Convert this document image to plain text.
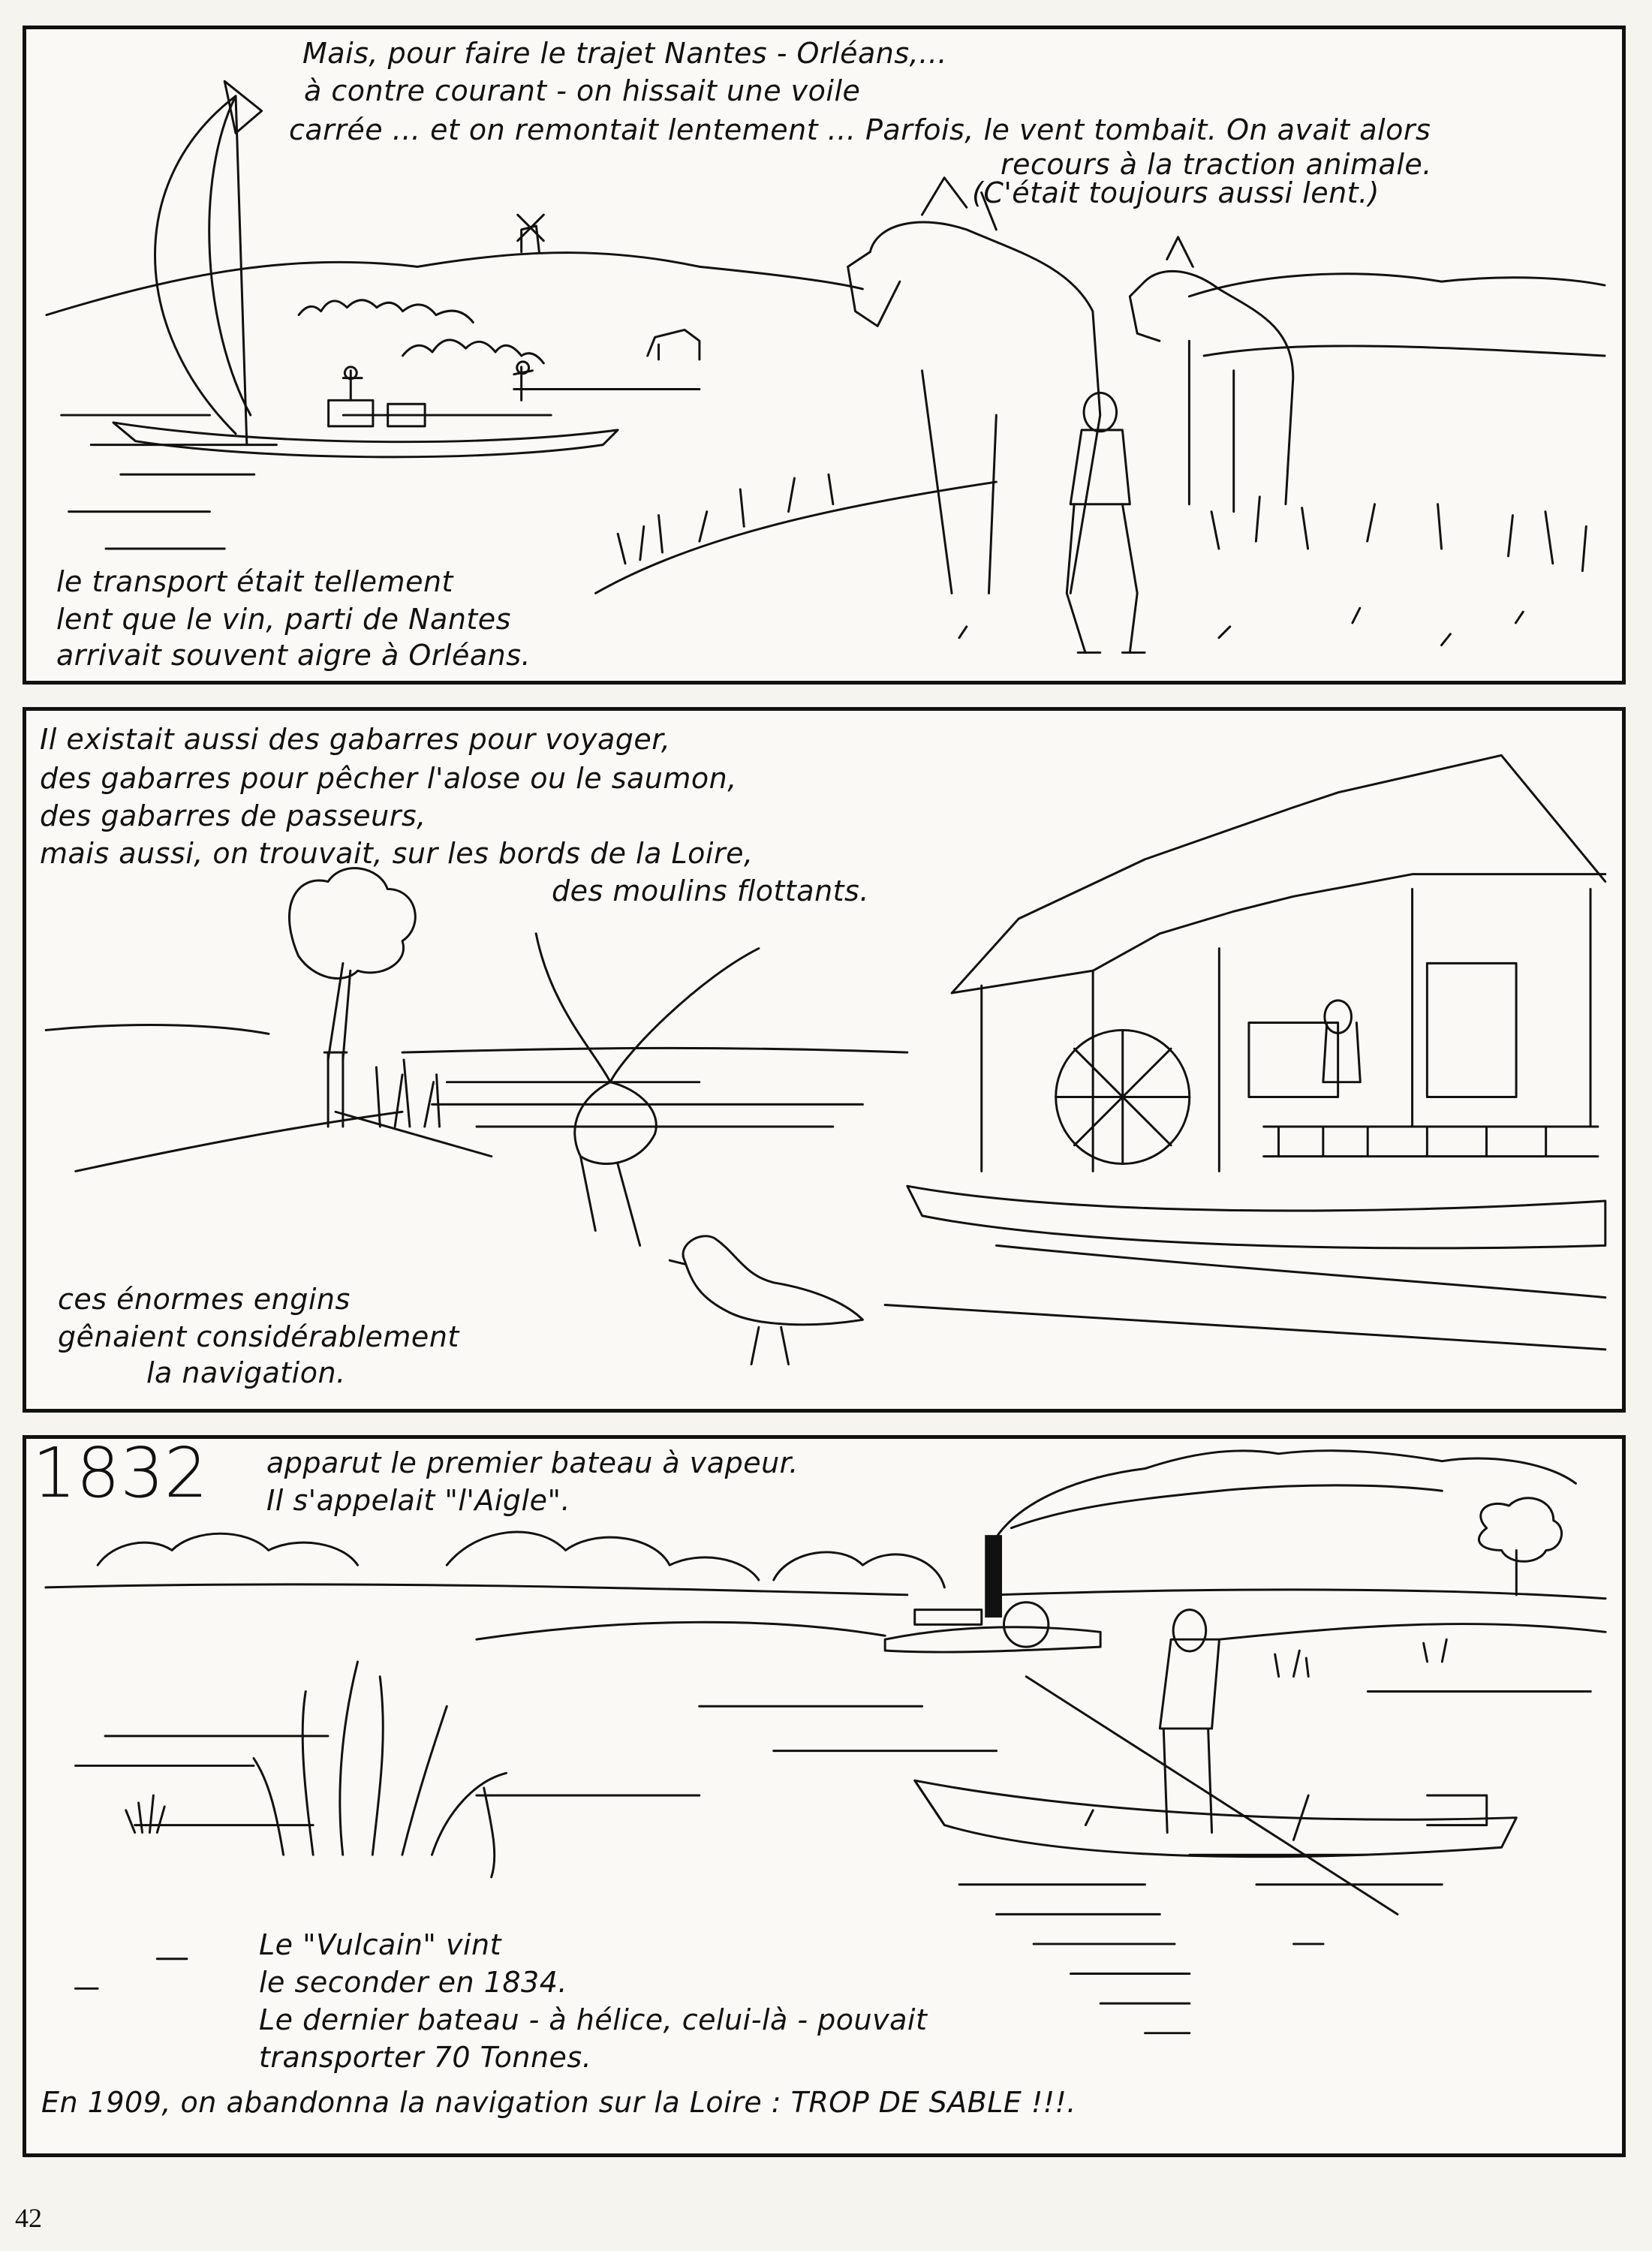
Mais, pour faire le trajet Nantes - Orléans,...
à contre courant - on hissait une voile
carrée ... et on remontait lentement ... Parfois, le vent tombait. On avait alors
recours à la traction animale.
(C'était toujours aussi lent.)
le transport était tellement
lent que le vin, parti de Nantes
arrivait souvent aigre à Orléans.
Il existait aussi des gabarres pour voyager,
des gabarres pour pêcher l'alose ou le saumon,
des gabarres de passeurs,
mais aussi, on trouvait, sur les bords de la Loire,
des moulins flottants.
ces énormes engins
gênaient considérablement
la navigation.
1832 apparut le premier bateau à vapeur.
Il s'appelait "l'Aigle".
Le "Vulcain" vint
le seconder en 1834.
Le dernier bateau - à hélice, celui-là - pouvait
transporter 70 Tonnes.
En 1909, on abandonna la navigation sur la Loire : TROP DE SABLE !!!.
42
